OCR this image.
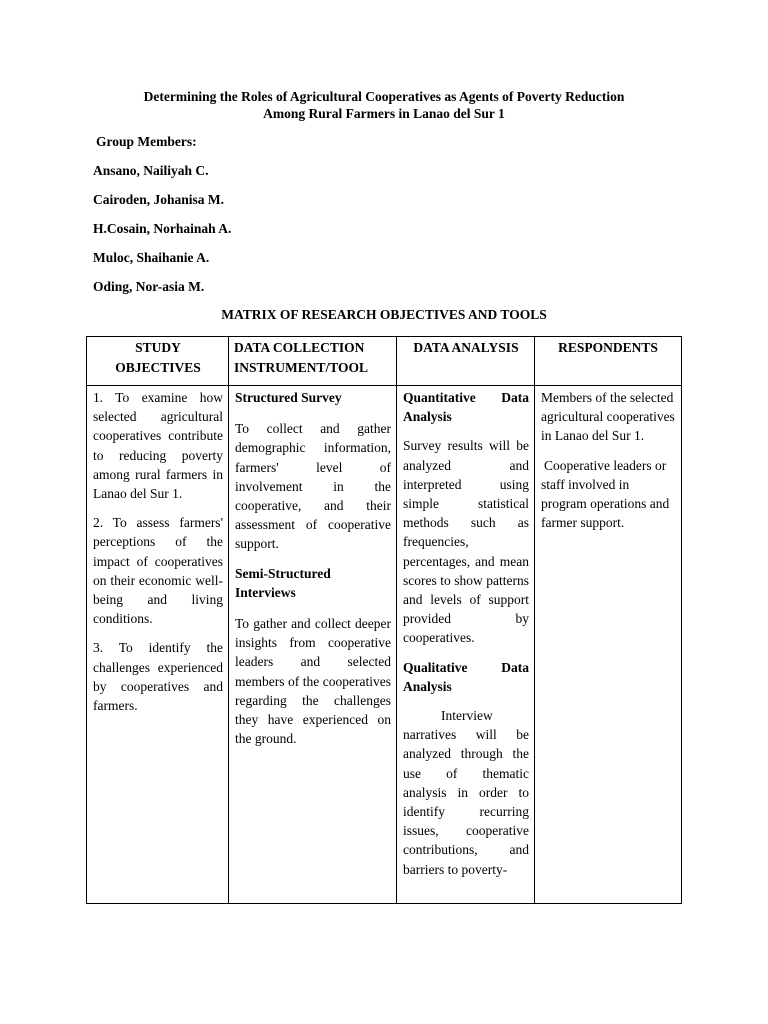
Determining the Roles of Agricultural Cooperatives as Agents of Poverty Reduction
Among Rural Farmers in Lanao del Sur 1
Group Members:
Ansano, Nailiyah C.
Cairoden, Johanisa M.
H.Cosain, Norhainah A.
Muloc, Shaihanie A.
Oding, Nor-asia M.
MATRIX OF RESEARCH OBJECTIVES AND TOOLS
STUDY OBJECTIVES

1. To examine how selected agricultural cooperatives contribute to reducing poverty among rural farmers in Lanao del Sur 1.

2. To assess farmers' perceptions of the impact of cooperatives on their economic well-being and living conditions.

3. To identify the challenges experienced by cooperatives and farmers.

DATA COLLECTION INSTRUMENT/TOOL

Structured Survey

To collect and gather demographic information, farmers' level of involvement in the cooperative, and their assessment of cooperative support.

Semi-Structured Interviews

To gather and collect deeper insights from cooperative leaders and selected members of the cooperatives regarding the challenges they have experienced on the ground.

DATA ANALYSIS

Quantitative Data Analysis

Survey results will be analyzed and interpreted using simple statistical methods such as frequencies, percentages, and mean scores to show patterns and levels of support provided by cooperatives.

Qualitative Data Analysis

Interview narratives will be analyzed through the use of thematic analysis in order to identify recurring issues, cooperative contributions, and barriers to poverty-

RESPONDENTS

Members of the selected agricultural cooperatives in Lanao del Sur 1.

Cooperative leaders or staff involved in program operations and farmer support.
